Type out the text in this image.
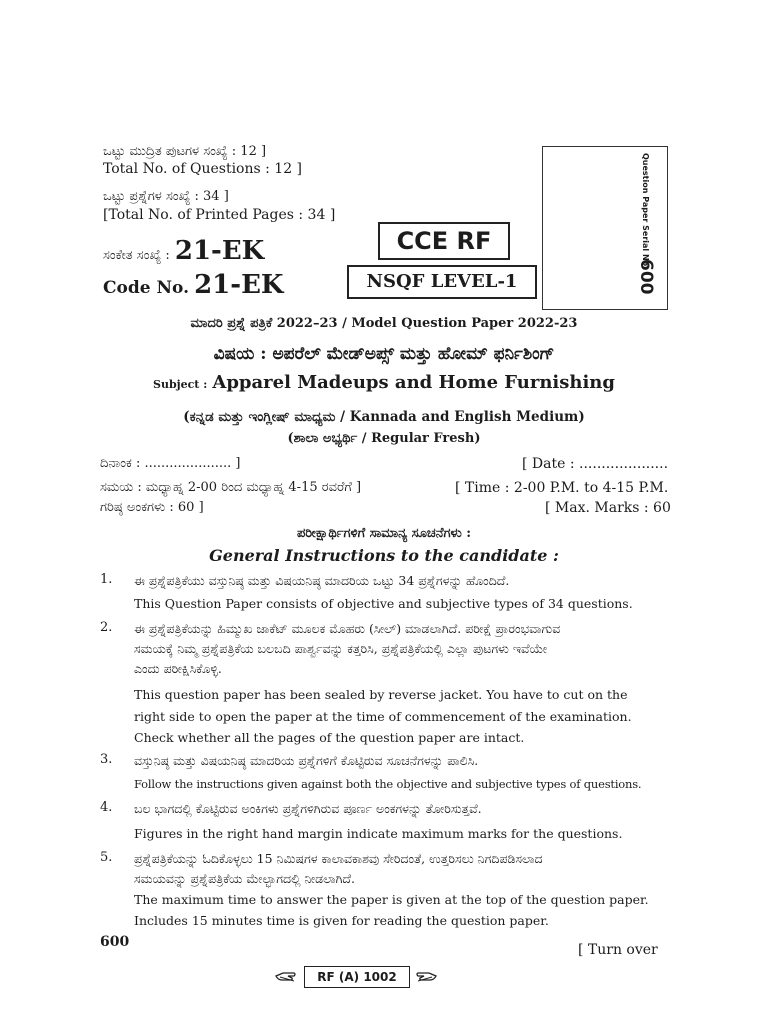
ಒಟ್ಟು ಮುದ್ರಿತ ಪುಟಗಳ ಸಂಖ್ಯೆ : 12 ]
Total No. of Questions : 12 ]
ಒಟ್ಟು ಪ್ರಶ್ನೆಗಳ ಸಂಖ್ಯೆ : 34 ]
[Total No. of Printed Pages : 34 ]
ಸಂಕೇತ ಸಂಖ್ಯೆ : 21-EK
Code No. 21-EK
CCE RF
NSQF LEVEL-1
Question Paper Serial No.
600
ಮಾದರಿ ಪ್ರಶ್ನೆ ಪತ್ರಿಕೆ 2022–23 / Model Question Paper 2022-23
ವಿಷಯ : ಅಪರೆಲ್ ಮೇಡ್‌ಅಪ್ಸ್ ಮತ್ತು ಹೋಮ್ ಫರ್ನಿಶಿಂಗ್
Subject : Apparel Madeups and Home Furnishing
(ಕನ್ನಡ ಮತ್ತು ಇಂಗ್ಲೀಷ್ ಮಾಧ್ಯಮ / Kannada and English Medium)
(ಶಾಲಾ ಅಭ್ಯರ್ಥಿ / Regular Fresh)
ದಿನಾಂಕ : ..................... ]	[ Date : ....................
ಸಮಯ : ಮಧ್ಯಾಹ್ನ 2-00 ರಿಂದ ಮಧ್ಯಾಹ್ನ 4-15 ರವರೆಗೆ ]	[ Time : 2-00 P.M. to 4-15 P.M.
ಗರಿಷ್ಠ ಅಂಕಗಳು : 60 ]	[ Max. Marks : 60
ಪರೀಕ್ಷಾರ್ಥಿಗಳಿಗೆ ಸಾಮಾನ್ಯ ಸೂಚನೆಗಳು :
General Instructions to the candidate :
1. ಈ ಪ್ರಶ್ನೆಪತ್ರಿಕೆಯು ವಸ್ತುನಿಷ್ಠ ಮತ್ತು ವಿಷಯನಿಷ್ಠ ಮಾದರಿಯ ಒಟ್ಟು 34 ಪ್ರಶ್ನೆಗಳನ್ನು ಹೊಂದಿದೆ.
This Question Paper consists of objective and subjective types of 34 questions.
2. ಈ ಪ್ರಶ್ನೆಪತ್ರಿಕೆಯನ್ನು ಹಿಮ್ಮುಖ ಜಾಕೆಟ್ ಮೂಲಕ ಮೊಹರು (ಸೀಲ್) ಮಾಡಲಾಗಿದೆ. ಪರೀಕ್ಷೆ ಪ್ರಾರಂಭವಾಗುವ
ಸಮಯಕ್ಕೆ ನಿಮ್ಮ ಪ್ರಶ್ನೆಪತ್ರಿಕೆಯ ಬಲಬದಿ ಪಾರ್ಶ್ವವನ್ನು ಕತ್ತರಿಸಿ, ಪ್ರಶ್ನೆಪತ್ರಿಕೆಯಲ್ಲಿ ಎಲ್ಲಾ ಪುಟಗಳು ಇವೆಯೇ
ಎಂದು ಪರೀಕ್ಷಿಸಿಕೊಳ್ಳಿ.
This question paper has been sealed by reverse jacket. You have to cut on the
right side to open the paper at the time of commencement of the examination.
Check whether all the pages of the question paper are intact.
3. ವಸ್ತುನಿಷ್ಠ ಮತ್ತು ವಿಷಯನಿಷ್ಠ ಮಾದರಿಯ ಪ್ರಶ್ನೆಗಳಿಗೆ ಕೊಟ್ಟಿರುವ ಸೂಚನೆಗಳನ್ನು ಪಾಲಿಸಿ.
Follow the instructions given against both the objective and subjective types of questions.
4. ಬಲ ಭಾಗದಲ್ಲಿ ಕೊಟ್ಟಿರುವ ಅಂಕಿಗಳು ಪ್ರಶ್ನೆಗಳಿಗಿರುವ ಪೂರ್ಣ ಅಂಕಗಳನ್ನು ತೋರಿಸುತ್ತವೆ.
Figures in the right hand margin indicate maximum marks for the questions.
5. ಪ್ರಶ್ನೆಪತ್ರಿಕೆಯನ್ನು ಓದಿಕೊಳ್ಳಲು 15 ನಿಮಿಷಗಳ ಕಾಲಾವಕಾಶವು ಸೇರಿದಂತೆ, ಉತ್ತರಿಸಲು ನಿಗದಿಪಡಿಸಲಾದ
ಸಮಯವನ್ನು ಪ್ರಶ್ನೆಪತ್ರಿಕೆಯ ಮೇಲ್ಭಾಗದಲ್ಲಿ ನೀಡಲಾಗಿದೆ.
The maximum time to answer the paper is given at the top of the question paper.
Includes 15 minutes time is given for reading the question paper.
600	[ Turn over
RF (A) 1002
